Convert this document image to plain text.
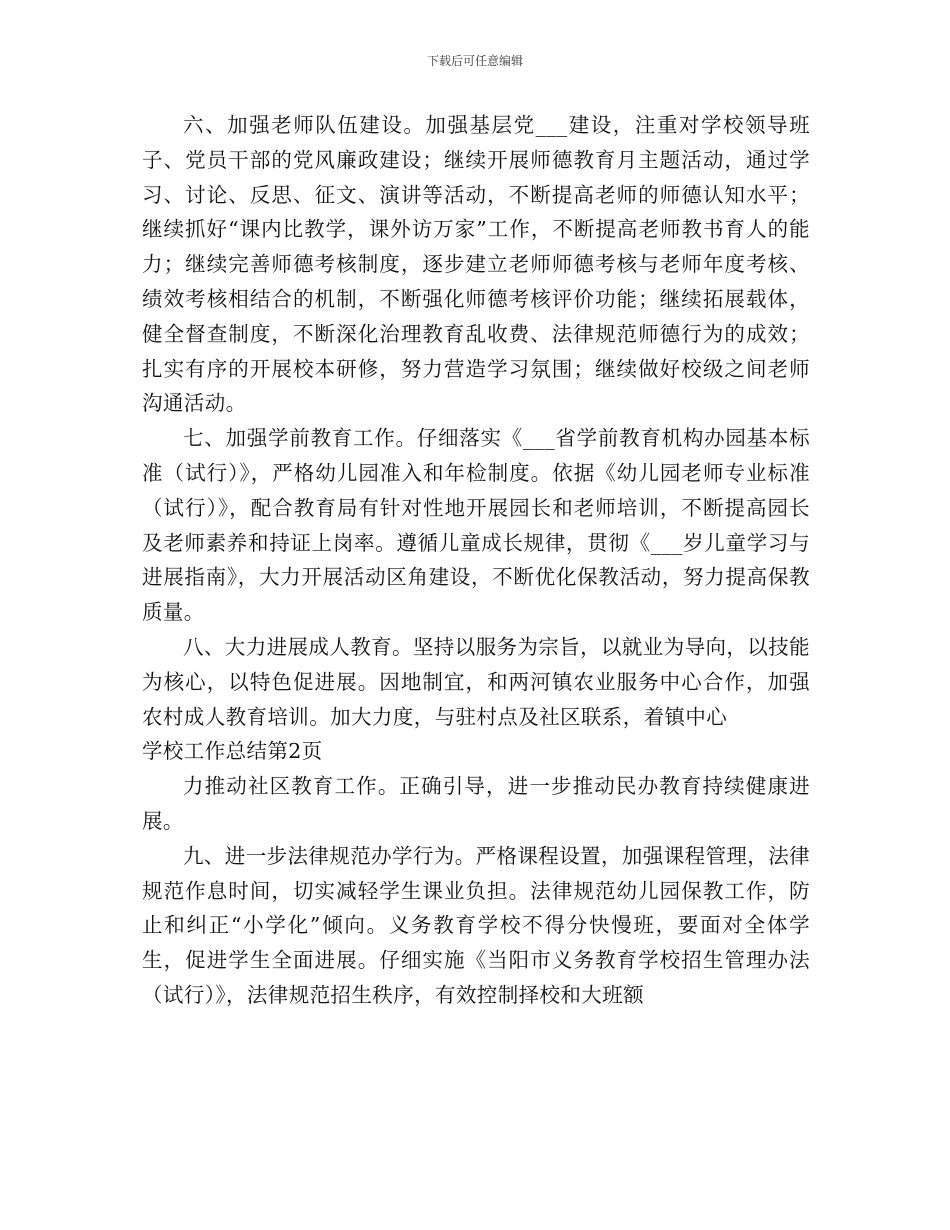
下载后可任意编辑

六、加强老师队伍建设。加强基层党___建设，注重对学校领导班子、党员干部的党风廉政建设；继续开展师德教育月主题活动，通过学习、讨论、反思、征文、演讲等活动，不断提高老师的师德认知水平；继续抓好“课内比教学，课外访万家”工作，不断提高老师教书育人的能力；继续完善师德考核制度，逐步建立老师师德考核与老师年度考核、绩效考核相结合的机制，不断强化师德考核评价功能；继续拓展载体，健全督查制度，不断深化治理教育乱收费、法律规范师德行为的成效；扎实有序的开展校本研修，努力营造学习氛围；继续做好校级之间老师沟通活动。

七、加强学前教育工作。仔细落实《___省学前教育机构办园基本标准（试行）》，严格幼儿园准入和年检制度。依据《幼儿园老师专业标准（试行）》，配合教育局有针对性地开展园长和老师培训，不断提高园长及老师素养和持证上岗率。遵循儿童成长规律，贯彻《___岁儿童学习与进展指南》，大力开展活动区角建设，不断优化保教活动，努力提高保教质量。

八、大力进展成人教育。坚持以服务为宗旨，以就业为导向，以技能为核心，以特色促进展。因地制宜，和两河镇农业服务中心合作，加强农村成人教育培训。加大力度，与驻村点及社区联系，着镇中心

学校工作总结第2页

力推动社区教育工作。正确引导，进一步推动民办教育持续健康进展。

九、进一步法律规范办学行为。严格课程设置，加强课程管理，法律规范作息时间，切实减轻学生课业负担。法律规范幼儿园保教工作，防止和纠正“小学化”倾向。义务教育学校不得分快慢班，要面对全体学生，促进学生全面进展。仔细实施《当阳市义务教育学校招生管理办法（试行）》，法律规范招生秩序，有效控制择校和大班额
